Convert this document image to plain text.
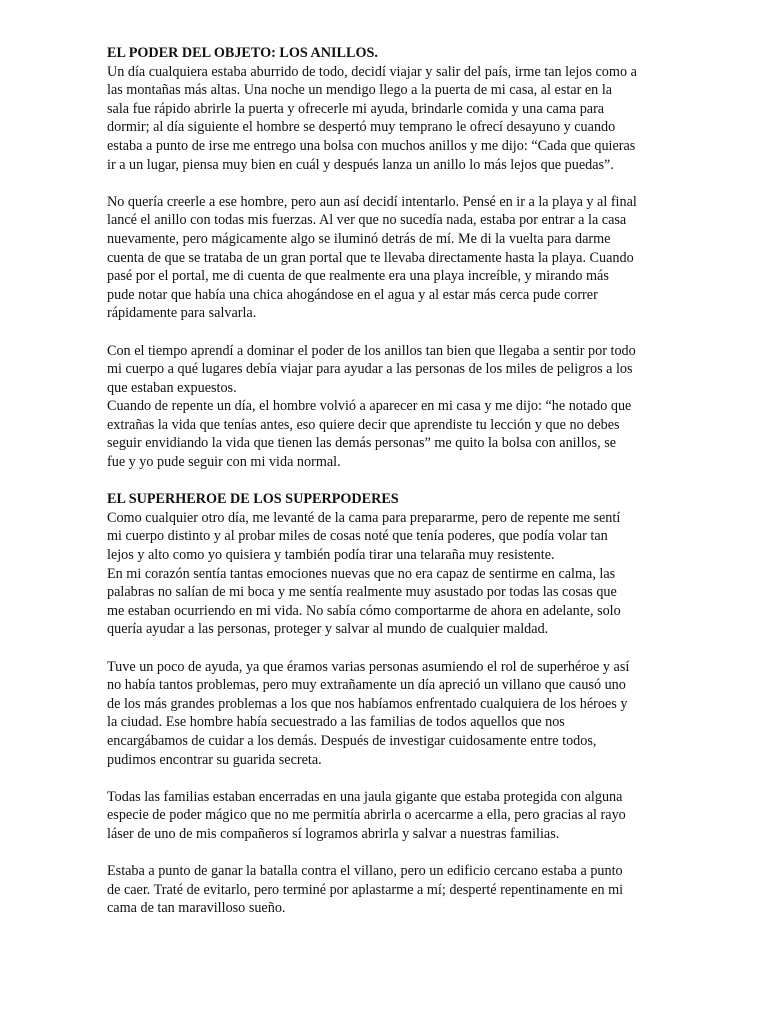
EL PODER DEL OBJETO: LOS ANILLOS.

Un día cualquiera estaba aburrido de todo, decidí viajar y salir del país, irme tan lejos como a las montañas más altas. Una noche un mendigo llego a la puerta de mi casa, al estar en la sala fue rápido abrirle la puerta y ofrecerle mi ayuda, brindarle comida y una cama para dormir; al día siguiente el hombre se despertó muy temprano le ofrecí desayuno y cuando estaba a punto de irse me entrego una bolsa con muchos anillos y me dijo: “Cada que quieras ir a un lugar, piensa muy bien en cuál y después lanza un anillo lo más lejos que puedas”.

No quería creerle a ese hombre, pero aun así decidí intentarlo. Pensé en ir a la playa y al final lancé el anillo con todas mis fuerzas. Al ver que no sucedía nada, estaba por entrar a la casa nuevamente, pero mágicamente algo se iluminó detrás de mí. Me di la vuelta para darme cuenta de que se trataba de un gran portal que te llevaba directamente hasta la playa. Cuando pasé por el portal, me di cuenta de que realmente era una playa increíble, y mirando más pude notar que había una chica ahogándose en el agua y al estar más cerca pude correr rápidamente para salvarla.

Con el tiempo aprendí a dominar el poder de los anillos tan bien que llegaba a sentir por todo mi cuerpo a qué lugares debía viajar para ayudar a las personas de los miles de peligros a los que estaban expuestos.

Cuando de repente un día, el hombre volvió a aparecer en mi casa y me dijo: “he notado que extrañas la vida que tenías antes, eso quiere decir que aprendiste tu lección y que no debes seguir envidiando la vida que tienen las demás personas” me quito la bolsa con anillos, se fue y yo pude seguir con mi vida normal.

EL SUPERHEROE DE LOS SUPERPODERES

Como cualquier otro día, me levanté de la cama para prepararme, pero de repente me sentí mi cuerpo distinto y al probar miles de cosas noté que tenía poderes, que podía volar tan lejos y alto como yo quisiera y también podía tirar una telaraña muy resistente.

En mi corazón sentía tantas emociones nuevas que no era capaz de sentirme en calma, las palabras no salían de mi boca y me sentía realmente muy asustado por todas las cosas que me estaban ocurriendo en mi vida. No sabía cómo comportarme de ahora en adelante, solo quería ayudar a las personas, proteger y salvar al mundo de cualquier maldad.

Tuve un poco de ayuda, ya que éramos varias personas asumiendo el rol de superhéroe y así no había tantos problemas, pero muy extrañamente un día apreció un villano que causó uno de los más grandes problemas a los que nos habíamos enfrentado cualquiera de los héroes y la ciudad. Ese hombre había secuestrado a las familias de todos aquellos que nos encargábamos de cuidar a los demás. Después de investigar cuidosamente entre todos, pudimos encontrar su guarida secreta.

Todas las familias estaban encerradas en una jaula gigante que estaba protegida con alguna especie de poder mágico que no me permitía abrirla o acercarme a ella, pero gracias al rayo láser de uno de mis compañeros sí logramos abrirla y salvar a nuestras familias.

Estaba a punto de ganar la batalla contra el villano, pero un edificio cercano estaba a punto de caer. Traté de evitarlo, pero terminé por aplastarme a mí; desperté repentinamente en mi cama de tan maravilloso sueño.
